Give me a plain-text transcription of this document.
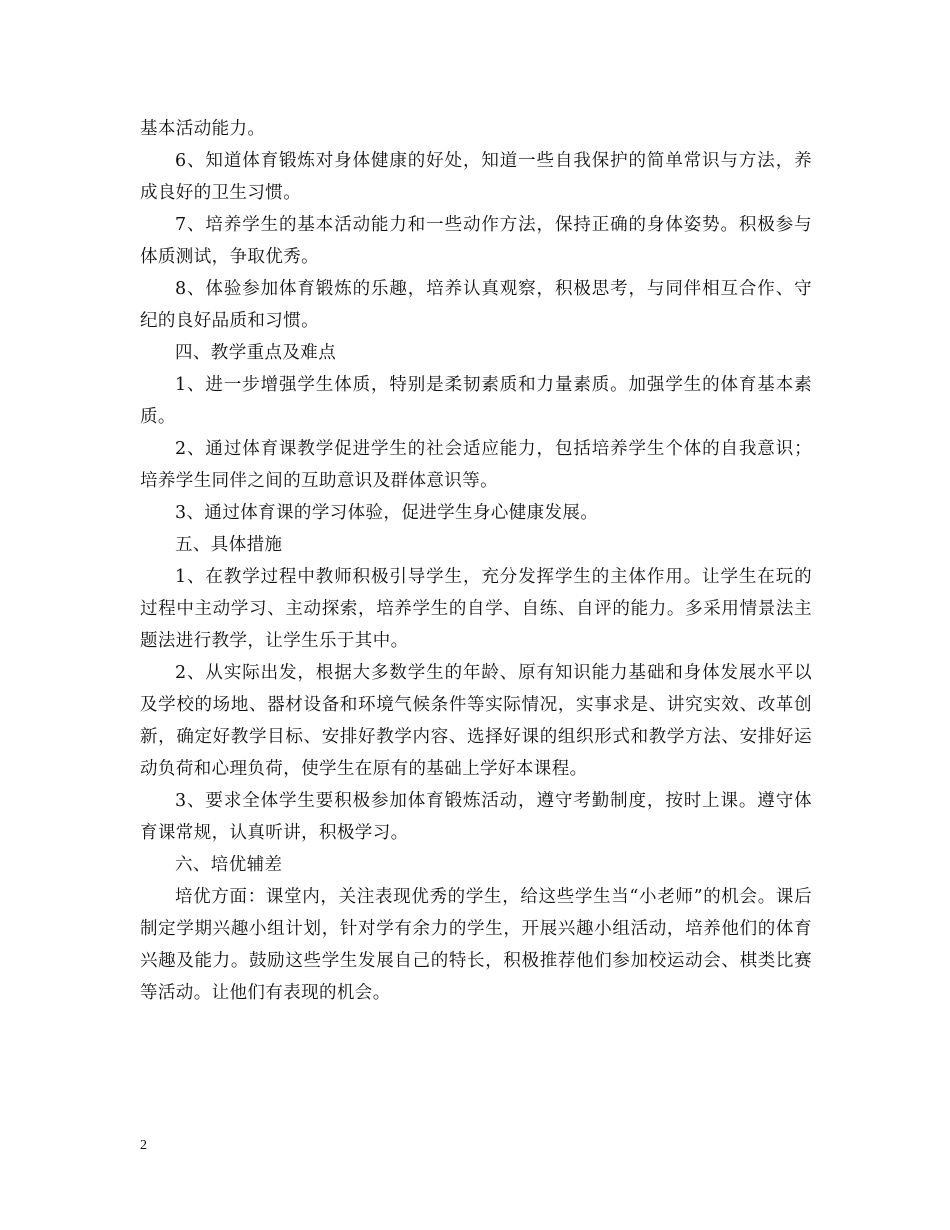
基本活动能力。

6、知道体育锻炼对身体健康的好处，知道一些自我保护的简单常识与方法，养成良好的卫生习惯。

7、培养学生的基本活动能力和一些动作方法，保持正确的身体姿势。积极参与体质测试，争取优秀。

8、体验参加体育锻炼的乐趣，培养认真观察，积极思考，与同伴相互合作、守纪的良好品质和习惯。

四、教学重点及难点

1、进一步增强学生体质，特别是柔韧素质和力量素质。加强学生的体育基本素质。

2、通过体育课教学促进学生的社会适应能力，包括培养学生个体的自我意识；培养学生同伴之间的互助意识及群体意识等。

3、通过体育课的学习体验，促进学生身心健康发展。

五、具体措施

1、在教学过程中教师积极引导学生，充分发挥学生的主体作用。让学生在玩的过程中主动学习、主动探索，培养学生的自学、自练、自评的能力。多采用情景法主题法进行教学，让学生乐于其中。

2、从实际出发，根据大多数学生的年龄、原有知识能力基础和身体发展水平以及学校的场地、器材设备和环境气候条件等实际情况，实事求是、讲究实效、改革创新，确定好教学目标、安排好教学内容、选择好课的组织形式和教学方法、安排好运动负荷和心理负荷，使学生在原有的基础上学好本课程。

3、要求全体学生要积极参加体育锻炼活动，遵守考勤制度，按时上课。遵守体育课常规，认真听讲，积极学习。

六、培优辅差

培优方面：课堂内，关注表现优秀的学生，给这些学生当“小老师”的机会。课后制定学期兴趣小组计划，针对学有余力的学生，开展兴趣小组活动，培养他们的体育兴趣及能力。鼓励这些学生发展自己的特长，积极推荐他们参加校运动会、棋类比赛等活动。让他们有表现的机会。

2
